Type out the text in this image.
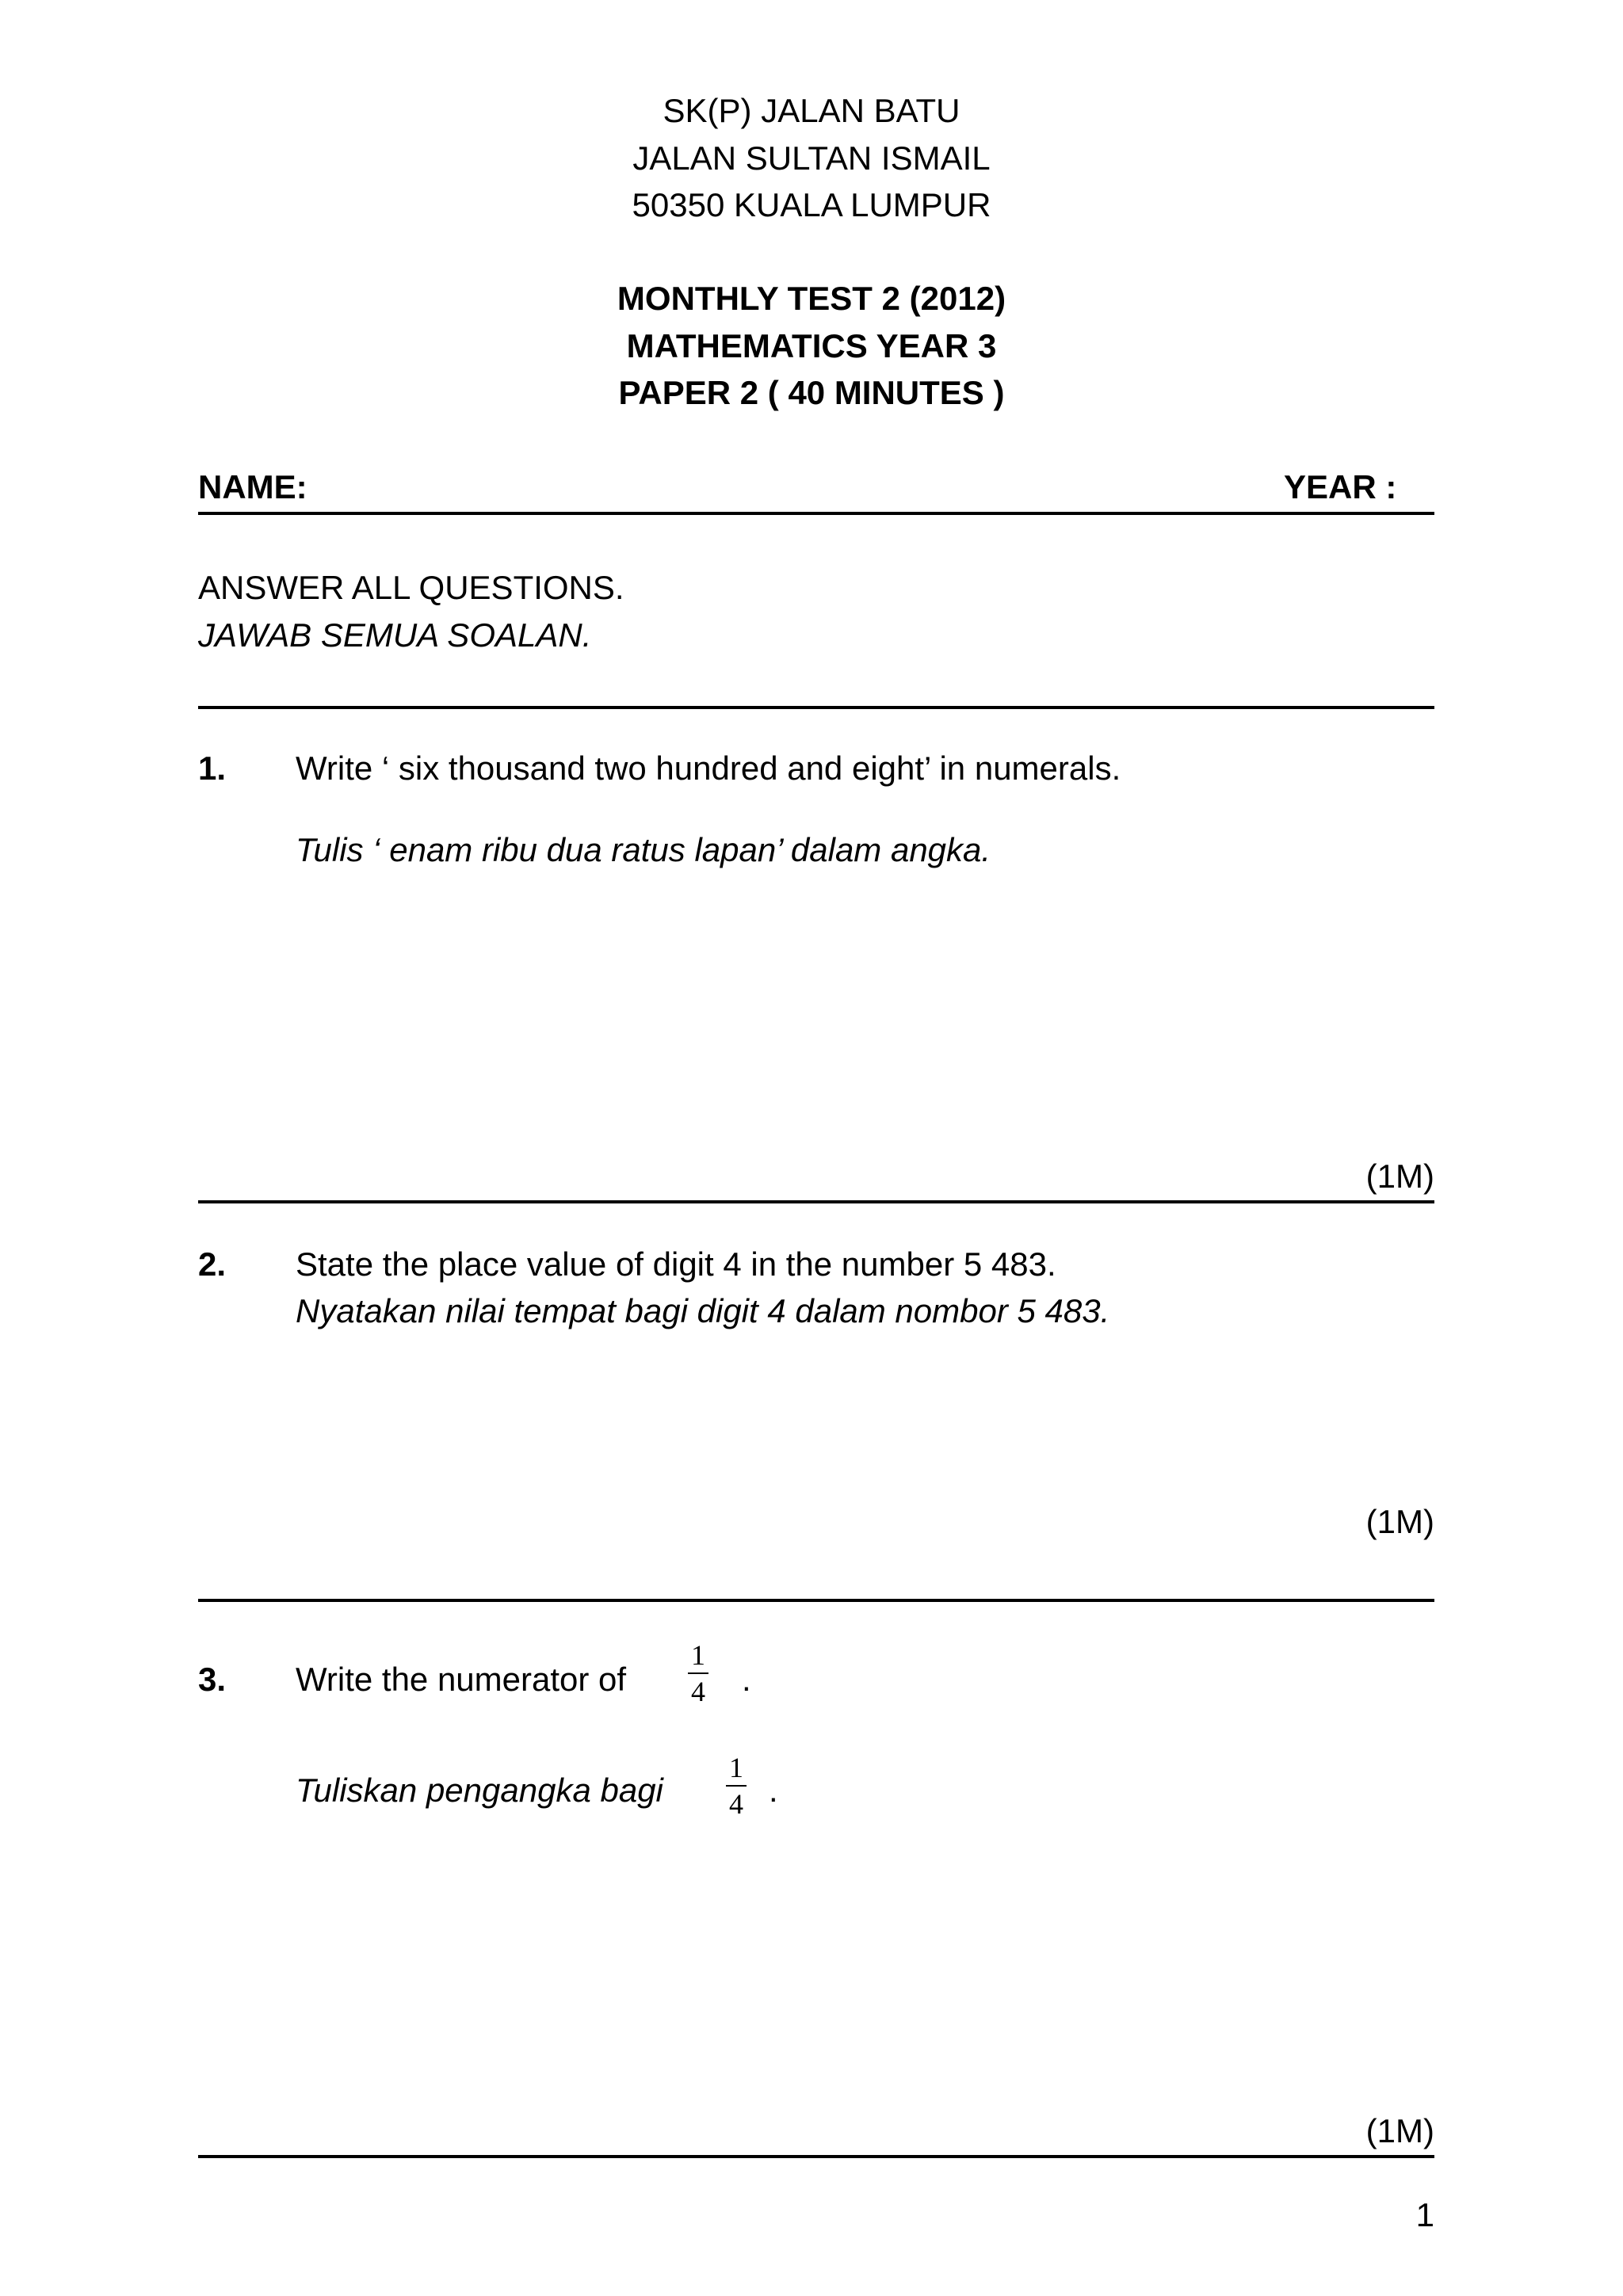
SK(P) JALAN BATU
JALAN SULTAN ISMAIL
50350 KUALA LUMPUR
MONTHLY TEST 2 (2012)
MATHEMATICS YEAR 3
PAPER 2 ( 40 MINUTES )
NAME:	YEAR :
ANSWER ALL QUESTIONS.
JAWAB SEMUA SOALAN.
1. Write ‘ six thousand two hundred and eight’ in numerals.
Tulis ‘ enam ribu dua ratus lapan’ dalam angka.
(1M)
2. State the place value of digit 4 in the number 5 483.
Nyatakan nilai tempat bagi digit 4 dalam nombor 5 483.
(1M)
3. Write the numerator of $\frac{1}{4}$ .
Tuliskan pengangka bagi $\frac{1}{4}$ .
(1M)
1
